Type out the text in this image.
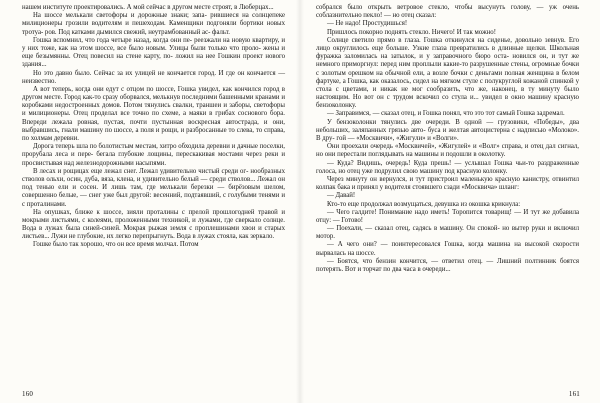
нашем институте проектировались. А мой сейчас в другом месте строят, в Люберцах...

На шоссе мелькали светофоры и дорожные знаки; запа- рившиеся на солнцепеке милиционеры грозили водителям и пешеходам. Каменщики подгоняли бортики новых тротуа- ров. Под катками дымился свежий, неутрамбованный ас- фальт.

Гошка вспомнил, что года четыре назад, когда они пе- реезжали на новую квартиру, и у них тоже, как на этом шоссе, все было новым. Улицы были только что проло- жены и еще безымянны. Отец повесил на стене карту, по- ложил на нее Гошкин проект нового здания...

Но это давно было. Сейчас за их улицей не кончается город. И где он кончается — неизвестно.

А вот теперь, когда они едут с отцом по шоссе, Гошка увидел, как кончился город в другом месте. Город как-то сразу оборвался, мелькнув последними башенными кранами и коробками недостроенных домов. Потом тянулись свалки, траншеи и заборы, светофоры и милиционеры. Отец проделал все точно по схеме, а маяки в грибах соснового бора. Впереди лежала ровная, пустая, почти пустынная воскресная автострада, и они, выбравшись, гнали машину по шоссе, а поля и рощи, и разбросанные то слева, то справа, по холмам деревни.

Дорога теперь шла по болотистым местам, хитро обходила деревни и дачные поселки, прорубала леса и пере- бегала глубокие лощины, перескакивая мостами через реки и просвистывая над железнодорожными насыпями.

В лесах и рощицах еще лежал снег. Лежал удивительно чистый среди ог- нообразных стволов ольхи, осин, дуба, вяза, клена, и удивительно белый — среди стволов... Лежал он под тенью ели и сосен. И лишь там, где мелькали березки — бирёзовым шелом, совершенно белые, — снег уже был другой: весенний, подтаявший, с голубыми тенями и с проталинами.

На опушках, ближе к шоссе, зияли проталины с прелой прошлогодней травой и мокрыми листьями, с колеями, проложенными техникой, и лужами, где сверкало солнце. Вода в лужах была синей-синей. Мокрая рыжая земля с проплешинами хвои и старых листьев... Лужи не глубокие, их легко перепрыгнуть. Вода в лужах стояла, как зеркало.

Гошке было так хорошо, что он все время молчал. Потом

160

собрался было открыть ветровое стекло, чтобы высунуть голову, — уж очень соблазнительно пекло! — но отец сказал:

— Не надо! Простудишься!

Пришлось покорно поднять стекло. Ничего! И так можно!

Солнце светило прямо в глаза. Гошка откинулся на сиденье, довольно зевнув. Его лицо округлилось еще больше. Узкие глаза превратились в длинные щелки. Школьная фуражка заломилась на затылок, и у заправочного бюро оста- новился он, и тут же немного приморгнул: перед ним проплыли какие-то разрушенные стены, огромные бочки с золотым орешком на обычной ели, а возле бочки с деньгами полная женщина в белом фартуке, а Гошка, как оказалось, сидел на мягком стуле с полукруглой кожаной спинкой у стола с цветами, и никак не мог сообразить, что же, наконец, в ту минуту было настоящим. Но вот он с трудом вскочил со стула и... увидел в окно машину красную бензоколонку.

— Заправимся, — сказал отец, и Гошка понял, что это тот самый Гошка задремал.

У бензоколонки тянулись две очереди. В одной — грузовики, «Победы», два небольших, заляпанных грязью авто- буса и желтая автоцистерна с надписью «Молоко». В дру- гой — «Москвичи», «Жигули» и «Волги».

Они проехали очередь «Москвичей», «Жигулей» и «Волг» справа, и отец дал сигнал, но они перестали поглядывать на машины и подошли в околотку.

— Куда? Видишь, очередь! Куда прешь! — услышал Гошка чьи-то раздраженные голоса, но отец уже подрулил свою машину под красную колонку.

Через минуту он вернулся, и тут пристроил маленькую красную канистру, отвинтил колпак бака и принял у водителя стоявшего сзади «Москвича» шланг:

— Давай!

Кто-то еще продолжал возмущаться, девушка из окошка крикнула:

— Чего галдите! Понимание надо иметь! Торопится товарищ! — И тут же добавила отцу: — Готово!

— Поехали, — сказал отец, садясь в машину. Он спокой- но вытер руки и включил мотор.

— А чего они? — поинтересовался Гошка, когда машина на высокой скорости вырвалась на шоссе.

— Боятся, что бензин кончится, — ответил отец. — Лишний полтинник боятся потерять. Вот и торчат по два часа в очереди...

161
